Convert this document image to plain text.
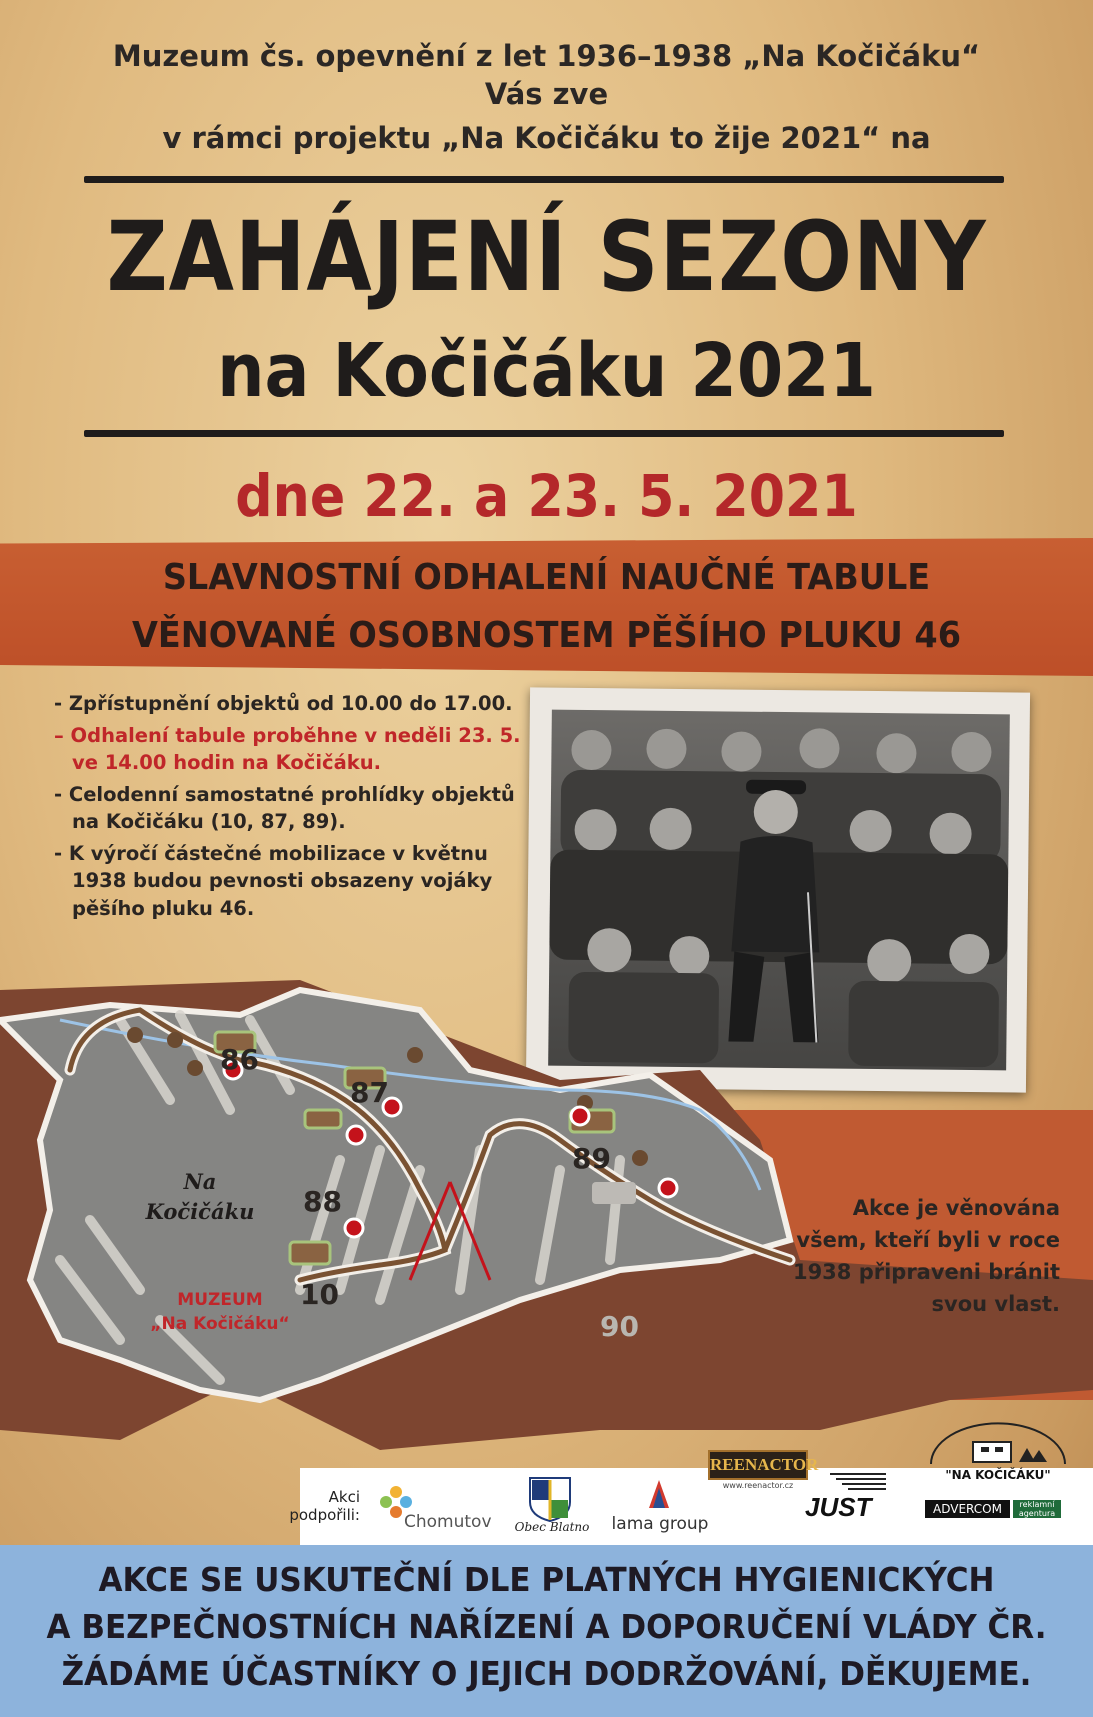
Muzeum čs. opevnění z let 1936–1938 „Na Kočičáku“
Vás zve
v rámci projektu „Na Kočičáku to žije 2021“ na
ZAHÁJENÍ SEZONY
na Kočičáku 2021
dne 22. a 23. 5. 2021
SLAVNOSTNÍ ODHALENÍ NAUČNÉ TABULE
VĚNOVANÉ OSOBNOSTEM PĚŠÍHO PLUKU 46
- Zpřístupnění objektů od 10.00 do 17.00.
– Odhalení tabule proběhne v neděli 23. 5. ve 14.00 hodin na Kočičáku.
- Celodenní samostatné prohlídky objektů na Kočičáku (10, 87, 89).
- K výročí částečné mobilizace v květnu 1938 budou pevnosti obsazeny vojáky pěšího pluku 46.
86
87
88
89
10
90
Na
Kočičáku
MUZEUM
„Na Kočičáku“
Akce je věnována
všem, kteří byli v roce
1938 připraveni bránit
svou vlast.
Akci
podpořili:	Chomutov Obec Blatno lama group
REENACTOR
www.reenactor.cz
JUST
"NA KOČIČÁKU"
ADVERCOM	reklamní
agentura
AKCE SE USKUTEČNÍ DLE PLATNÝCH HYGIENICKÝCH
A BEZPEČNOSTNÍCH NAŘÍZENÍ A DOPORUČENÍ VLÁDY ČR.
ŽÁDÁME ÚČASTNÍKY O JEJICH DODRŽOVÁNÍ, DĚKUJEME.
